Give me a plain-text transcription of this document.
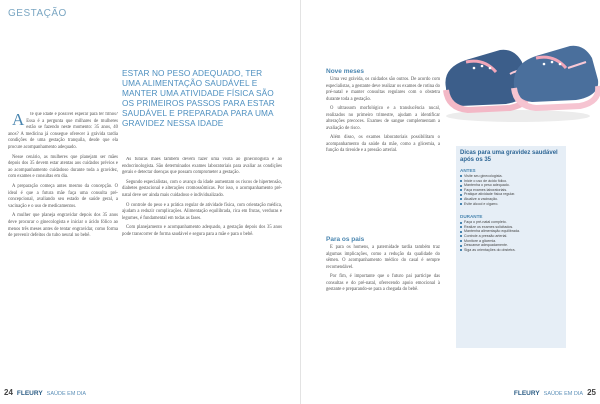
GESTAÇÃO

A té que idade é possível esperar para ter filhos? Essa é a pergunta que milhares de mulheres estão se fazendo neste momento: 35 anos, 40 anos? A medicina já consegue oferecer à grávida tardia condições de uma gestação tranquila, desde que ela procure acompanhamento adequado.

Nesse cenário, as mulheres que planejam ser mães depois dos 35 devem estar atentas aos cuidados prévios e ao acompanhamento cuidadoso durante toda a gravidez, com exames e consultas em dia.

A preparação começa antes mesmo da concepção. O ideal é que a futura mãe faça uma consulta pré-concepcional, avaliando seu estado de saúde geral, a vacinação e o uso de medicamentos.

A mulher que planeja engravidar depois dos 35 anos deve procurar o ginecologista e iniciar o ácido fólico ao menos três meses antes de tentar engravidar, como forma de prevenir defeitos do tubo neural no bebê.

ESTAR NO PESO ADEQUADO, TER UMA ALIMENTAÇÃO SAUDÁVEL E MANTER UMA ATIVIDADE FÍSICA SÃO OS PRIMEIROS PASSOS PARA ESTAR SAUDÁVEL E PREPARADA PARA UMA GRAVIDEZ NESSA IDADE

As futuras mães também devem fazer uma visita ao ginecologista e ao endocrinologista. São determinados exames laboratoriais para avaliar as condições gerais e detectar doenças que possam comprometer a gestação.

Segundo especialistas, com o avanço da idade aumentam os riscos de hipertensão, diabetes gestacional e alterações cromossômicas. Por isso, o acompanhamento pré-natal deve ser ainda mais cuidadoso e individualizado.

O controle do peso e a prática regular de atividade física, com orientação médica, ajudam a reduzir complicações. Alimentação equilibrada, rica em frutas, verduras e legumes, é fundamental em todas as fases.

Com planejamento e acompanhamento adequado, a gestação depois dos 35 anos pode transcorrer de forma saudável e segura para a mãe e para o bebê.

24 FLEURY SAÚDE EM DIA
Nove meses

Uma vez grávida, os cuidados são outros. De acordo com especialistas, a gestante deve realizar os exames de rotina do pré-natal e manter consultas regulares com o obstetra durante toda a gestação.

O ultrassom morfológico e a translucência nucal, realizados no primeiro trimestre, ajudam a identificar alterações precoces. Exames de sangue complementam a avaliação de risco.

Além disso, os exames laboratoriais possibilitam o acompanhamento da saúde da mãe, como a glicemia, a função da tireoide e a pressão arterial.

Para os pais

E para os homens, a paternidade tardia também traz algumas implicações, como a redução da qualidade do sêmen. O acompanhamento médico do casal é sempre recomendável.

Por fim, é importante que o futuro pai participe das consultas e do pré-natal, oferecendo apoio emocional à gestante e preparando-se para a chegada do bebê.

Dicas para uma gravidez saudável após os 35
ANTES
Visite seu ginecologista.
Inicie o uso de ácido fólico.
Mantenha o peso adequado.
Faça exames laboratoriais.
Pratique atividade física regular.
Atualize a vacinação.
Evite álcool e cigarro.
DURANTE
Faça o pré-natal completo.
Realize os exames solicitados.
Mantenha alimentação equilibrada.
Controle a pressão arterial.
Monitore a glicemia.
Descanse adequadamente.
Siga as orientações do obstetra.
FLEURY SAÚDE EM DIA 25
